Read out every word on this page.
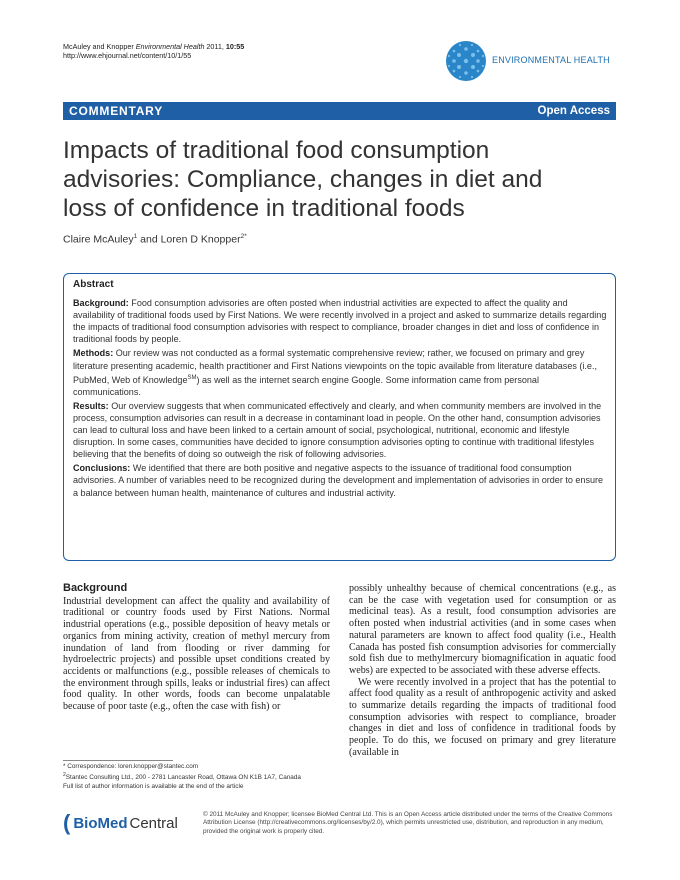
McAuley and Knopper Environmental Health 2011, 10:55
http://www.ehjournal.net/content/10/1/55	ENVIRONMENTAL HEALTH
COMMENTARY	Open Access
Impacts of traditional food consumption advisories: Compliance, changes in diet and loss of confidence in traditional foods
Claire McAuley$^1$ and Loren D Knopper$^{2*}$
Abstract

Background: Food consumption advisories are often posted when industrial activities are expected to affect the quality and availability of traditional foods used by First Nations. We were recently involved in a project and asked to summarize details regarding the impacts of traditional food consumption advisories with respect to compliance, broader changes in diet and loss of confidence in traditional foods by people.

Methods: Our review was not conducted as a formal systematic comprehensive review; rather, we focused on primary and grey literature presenting academic, health practitioner and First Nations viewpoints on the topic available from literature databases (i.e., PubMed, Web of Knowledge℠) as well as the internet search engine Google. Some information came from personal communications.

Results: Our overview suggests that when communicated effectively and clearly, and when community members are involved in the process, consumption advisories can result in a decrease in contaminant load in people. On the other hand, consumption advisories can lead to cultural loss and have been linked to a certain amount of social, psychological, nutritional, economic and lifestyle disruption. In some cases, communities have decided to ignore consumption advisories opting to continue with traditional lifestyles believing that the benefits of doing so outweigh the risk of following advisories.

Conclusions: We identified that there are both positive and negative aspects to the issuance of traditional food consumption advisories. A number of variables need to be recognized during the development and implementation of advisories in order to ensure a balance between human health, maintenance of cultures and industrial activity.

Background

Industrial development can affect the quality and availability of traditional or country foods used by First Nations. Normal industrial operations (e.g., possible deposition of heavy metals or organics from mining activity, creation of methyl mercury from inundation of land from flooding or river damming for hydroelectric projects) and possible upset conditions created by accidents or malfunctions (e.g., possible releases of chemicals to the environment through spills, leaks or industrial fires) can affect food quality. In other words, foods can become unpalatable because of poor taste (e.g., often the case with fish) or

possibly unhealthy because of chemical concentrations (e.g., as can be the case with vegetation used for consumption or as medicinal teas). As a result, food consumption advisories are often posted when industrial activities (and in some cases when natural parameters are known to affect food quality (i.e., Health Canada has posted fish consumption advisories for commercially sold fish due to methylmercury biomagnification in aquatic food webs) are expected to be associated with these adverse effects.

We were recently involved in a project that has the potential to affect food quality as a result of anthropogenic activity and asked to summarize details regarding the impacts of traditional food consumption advisories with respect to compliance, broader changes in diet and loss of confidence in traditional foods by people. To do this, we focused on primary and grey literature (available in

* Correspondence: loren.knopper@stantec.com

$^2$Stantec Consulting Ltd., 200 - 2781 Lancaster Road, Ottawa ON K1B 1A7, Canada

Full list of author information is available at the end of the article

( BioMed Central	© 2011 McAuley and Knopper; licensee BioMed Central Ltd. This is an Open Access article distributed under the terms of the Creative Commons Attribution License (http://creativecommons.org/licenses/by/2.0), which permits unrestricted use, distribution, and reproduction in any medium, provided the original work is properly cited.
